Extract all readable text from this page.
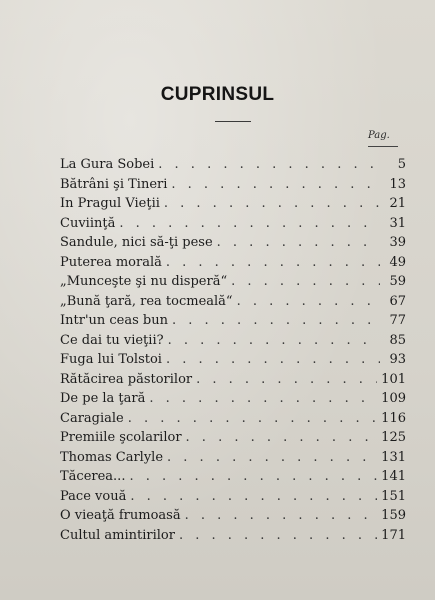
CUPRINSUL
Pag.
La Gura Sobei . . .	5
Bătrâni şi Tineri . . .	13
In Pragul Vieţii . . .	21
Cuviinţă . . .	31
Sandule, nici să-ţi pese . . .	39
Puterea morală . . .	49
„Munceşte şi nu disperă“ . . .	59
„Bună ţară, rea tocmeală“ . . .	67
Intr'un ceas bun . . .	77
Ce dai tu vieţii? . . .	85
Fuga lui Tolstoi . . .	93
Rătăcirea păstorilor . . .	101
De pe la ţară . . .	109
Caragiale . . .	116
Premiile şcolarilor . . .	125
Thomas Carlyle . . .	131
Tăcerea... . . .	141
Pace vouă . . .	151
O vieaţă frumoasă . . .	159
Cultul amintirilor . . .	171
